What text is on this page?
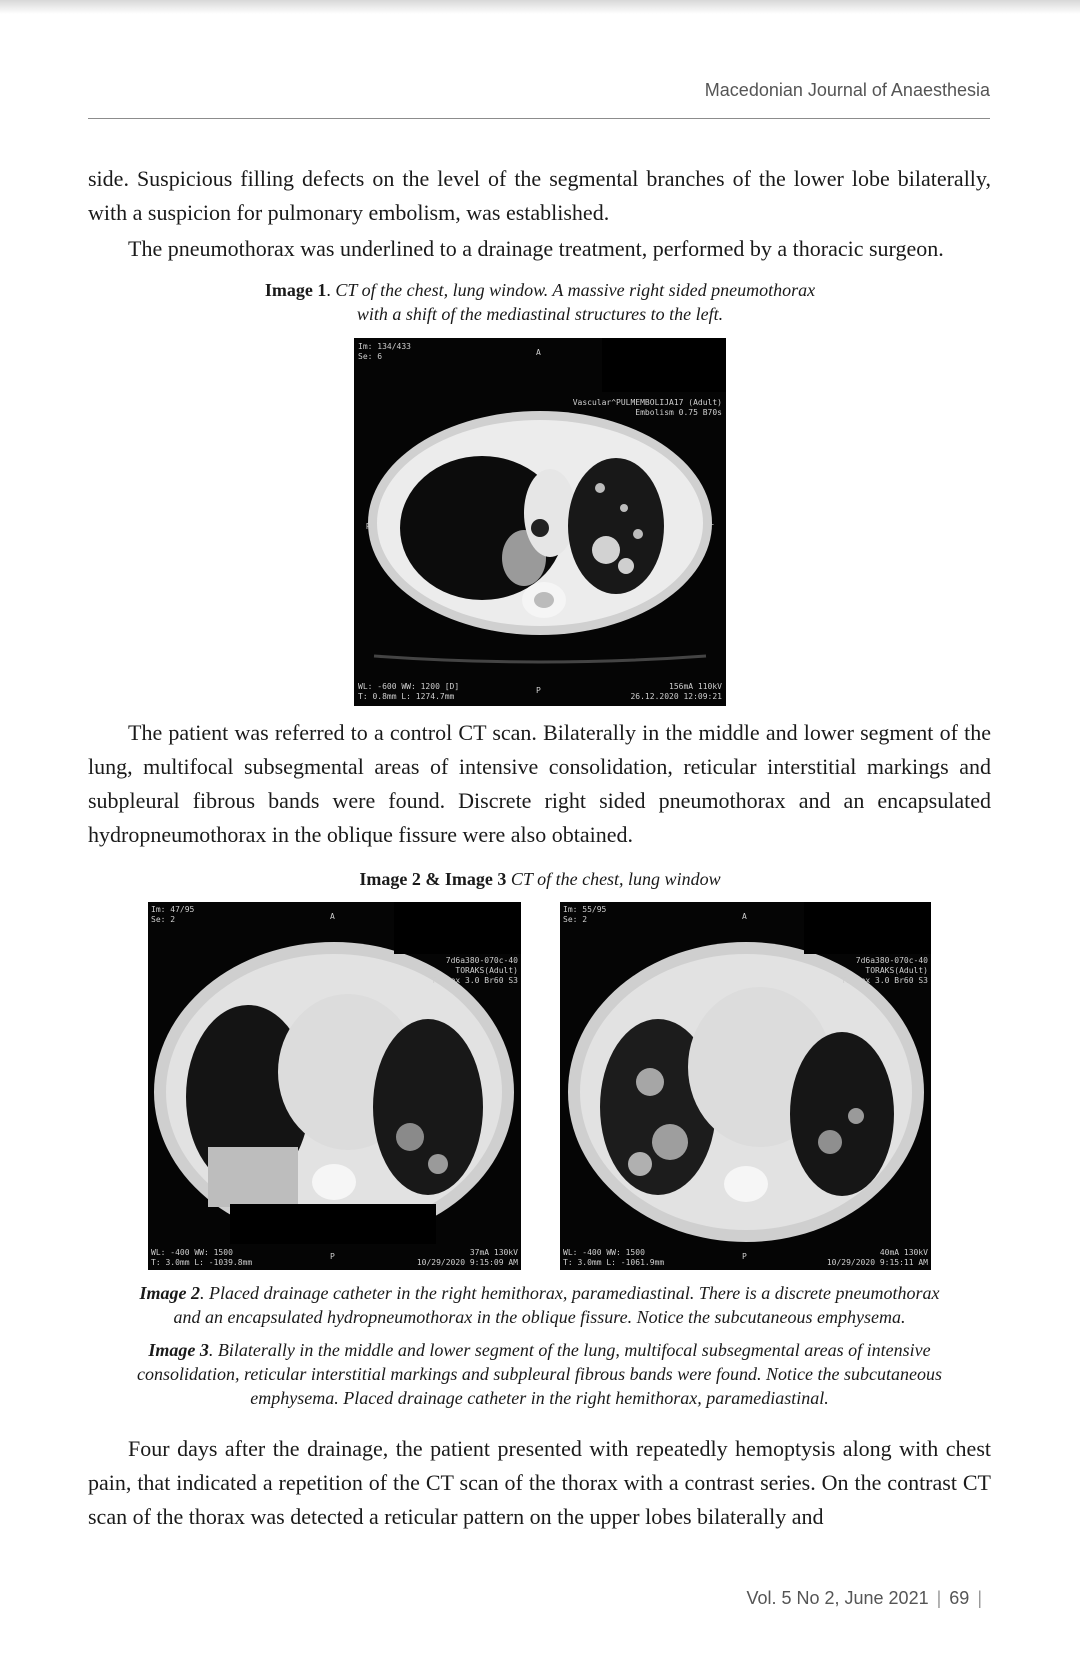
Macedonian Journal of Anaesthesia

side. Suspicious filling defects on the level of the segmental branches of the lower lobe bilaterally, with a suspicion for pulmonary embolism, was established.

The pneumothorax was underlined to a drainage treatment, performed by a thoracic surgeon.

Image 1. CT of the chest, lung window. A massive right sided pneumothorax
with a shift of the mediastinal structures to the left.

Im: 134/433
Se: 6	A
Vascular^PULMEMBOLIJA17 (Adult)
Embolism 0.75 B70s
R	L
WL: -600 WW: 1200 [D]
T: 0.8mm L: 1274.7mm
P	156mA 110kV
26.12.2020 12:09:21

The patient was referred to a control CT scan. Bilaterally in the middle and lower segment of the lung, multifocal subsegmental areas of intensive consolidation, reticular interstitial markings and subpleural fibrous bands were found. Discrete right sided pneumothorax and an encapsulated hydropneumothorax in the oblique fissure were also obtained.

Image 2 & Image 3 CT of the chest, lung window

Im: 47/95
Se: 2	A
7d6a380-070c-40
TORAKS(Adult)
Thorax 3.0 Br60 S3
WL: -400 WW: 1500
T: 3.0mm L: -1039.8mm
P	37mA 130kV
10/29/2020 9:15:09 AM
Im: 55/95
Se: 2	A
7d6a380-070c-40
TORAKS(Adult)
Thorax 3.0 Br60 S3
WL: -400 WW: 1500
T: 3.0mm L: -1061.9mm
P	40mA 130kV
10/29/2020 9:15:11 AM

Image 2. Placed drainage catheter in the right hemithorax, paramediastinal. There is a discrete pneumothorax
and an encapsulated hydropneumothorax in the oblique fissure. Notice the subcutaneous emphysema.

Image 3. Bilaterally in the middle and lower segment of the lung, multifocal subsegmental areas of intensive
consolidation, reticular interstitial markings and subpleural fibrous bands were found. Notice the subcutaneous
emphysema. Placed drainage catheter in the right hemithorax, paramediastinal.

Four days after the drainage, the patient presented with repeatedly hemoptysis along with chest pain, that indicated a repetition of the CT scan of the thorax with a contrast series. On the contrast CT scan of the thorax was detected a reticular pattern on the upper lobes bilaterally and

Vol. 5 No 2, June 2021 | 69 |
